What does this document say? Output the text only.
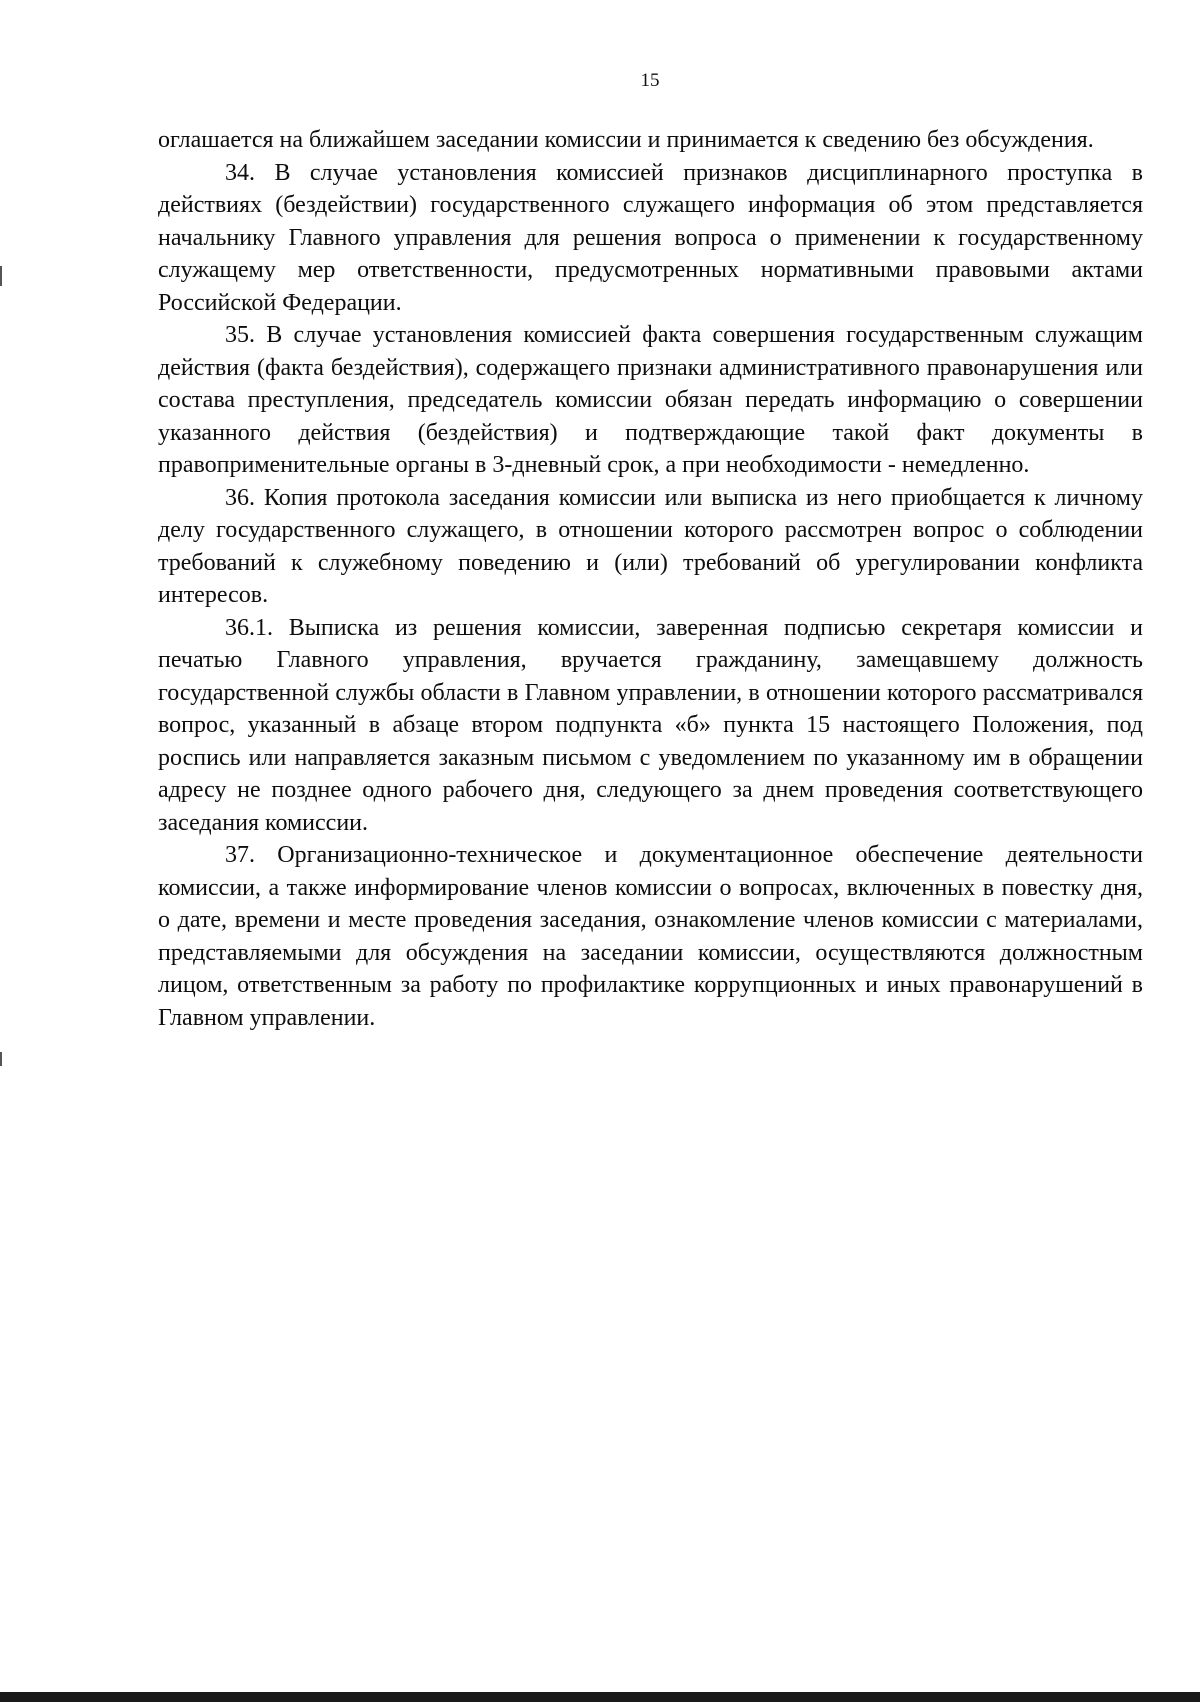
15

оглашается на ближайшем заседании комиссии и принимается к сведению без обсуждения.

34. В случае установления комиссией признаков дисциплинарного проступка в действиях (бездействии) государственного служащего информация об этом представляется начальнику Главного управления для решения вопроса о применении к государственному служащему мер ответственности, предусмотренных нормативными правовыми актами Российской Федерации.

35. В случае установления комиссией факта совершения государственным служащим действия (факта бездействия), содержащего признаки административного правонарушения или состава преступления, председатель комиссии обязан передать информацию о совершении указанного действия (бездействия) и подтверждающие такой факт документы в правоприменительные органы в 3-дневный срок, а при необходимости - немедленно.

36. Копия протокола заседания комиссии или выписка из него приобщается к личному делу государственного служащего, в отношении которого рассмотрен вопрос о соблюдении требований к служебному поведению и (или) требований об урегулировании конфликта интересов.

36.1. Выписка из решения комиссии, заверенная подписью секретаря комиссии и печатью Главного управления, вручается гражданину, замещавшему должность государственной службы области в Главном управлении, в отношении которого рассматривался вопрос, указанный в абзаце втором подпункта «б» пункта 15 настоящего Положения, под роспись или направляется заказным письмом с уведомлением по указанному им в обращении адресу не позднее одного рабочего дня, следующего за днем проведения соответствующего заседания комиссии.

37. Организационно-техническое и документационное обеспечение деятельности комиссии, а также информирование членов комиссии о вопросах, включенных в повестку дня, о дате, времени и месте проведения заседания, ознакомление членов комиссии с материалами, представляемыми для обсуждения на заседании комиссии, осуществляются должностным лицом, ответственным за работу по профилактике коррупционных и иных правонарушений в Главном управлении.
